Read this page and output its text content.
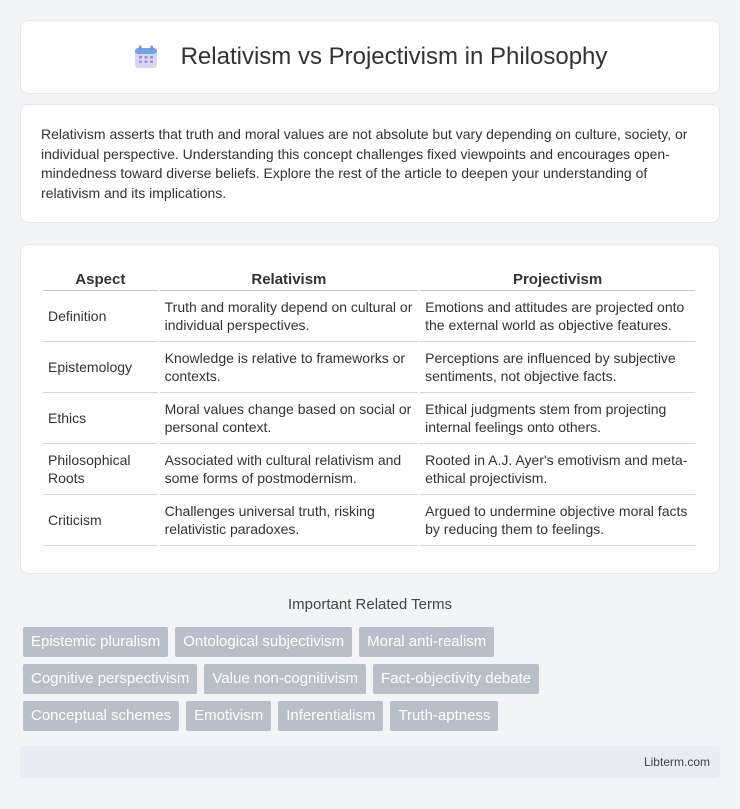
Relativism vs Projectivism in Philosophy

Relativism asserts that truth and moral values are not absolute but vary depending on culture, society, or individual perspective. Understanding this concept challenges fixed viewpoints and encourages open-mindedness toward diverse beliefs. Explore the rest of the article to deepen your understanding of relativism and its implications.

Aspect	Relativism	Projectivism
Definition	Truth and morality depend on cultural or individual perspectives.	Emotions and attitudes are projected onto the external world as objective features.
Epistemology	Knowledge is relative to frameworks or contexts.	Perceptions are influenced by subjective sentiments, not objective facts.
Ethics	Moral values change based on social or personal context.	Ethical judgments stem from projecting internal feelings onto others.
Philosophical Roots	Associated with cultural relativism and some forms of postmodernism.	Rooted in A.J. Ayer's emotivism and meta-ethical projectivism.
Criticism	Challenges universal truth, risking relativistic paradoxes.	Argued to undermine objective moral facts by reducing them to feelings.
Important Related Terms
Epistemic pluralism	Ontological subjectivism	Moral anti-realism
Cognitive perspectivism	Value non-cognitivism	Fact-objectivity debate
Conceptual schemes	Emotivism	Inferentialism	Truth-aptness
Libterm.com
